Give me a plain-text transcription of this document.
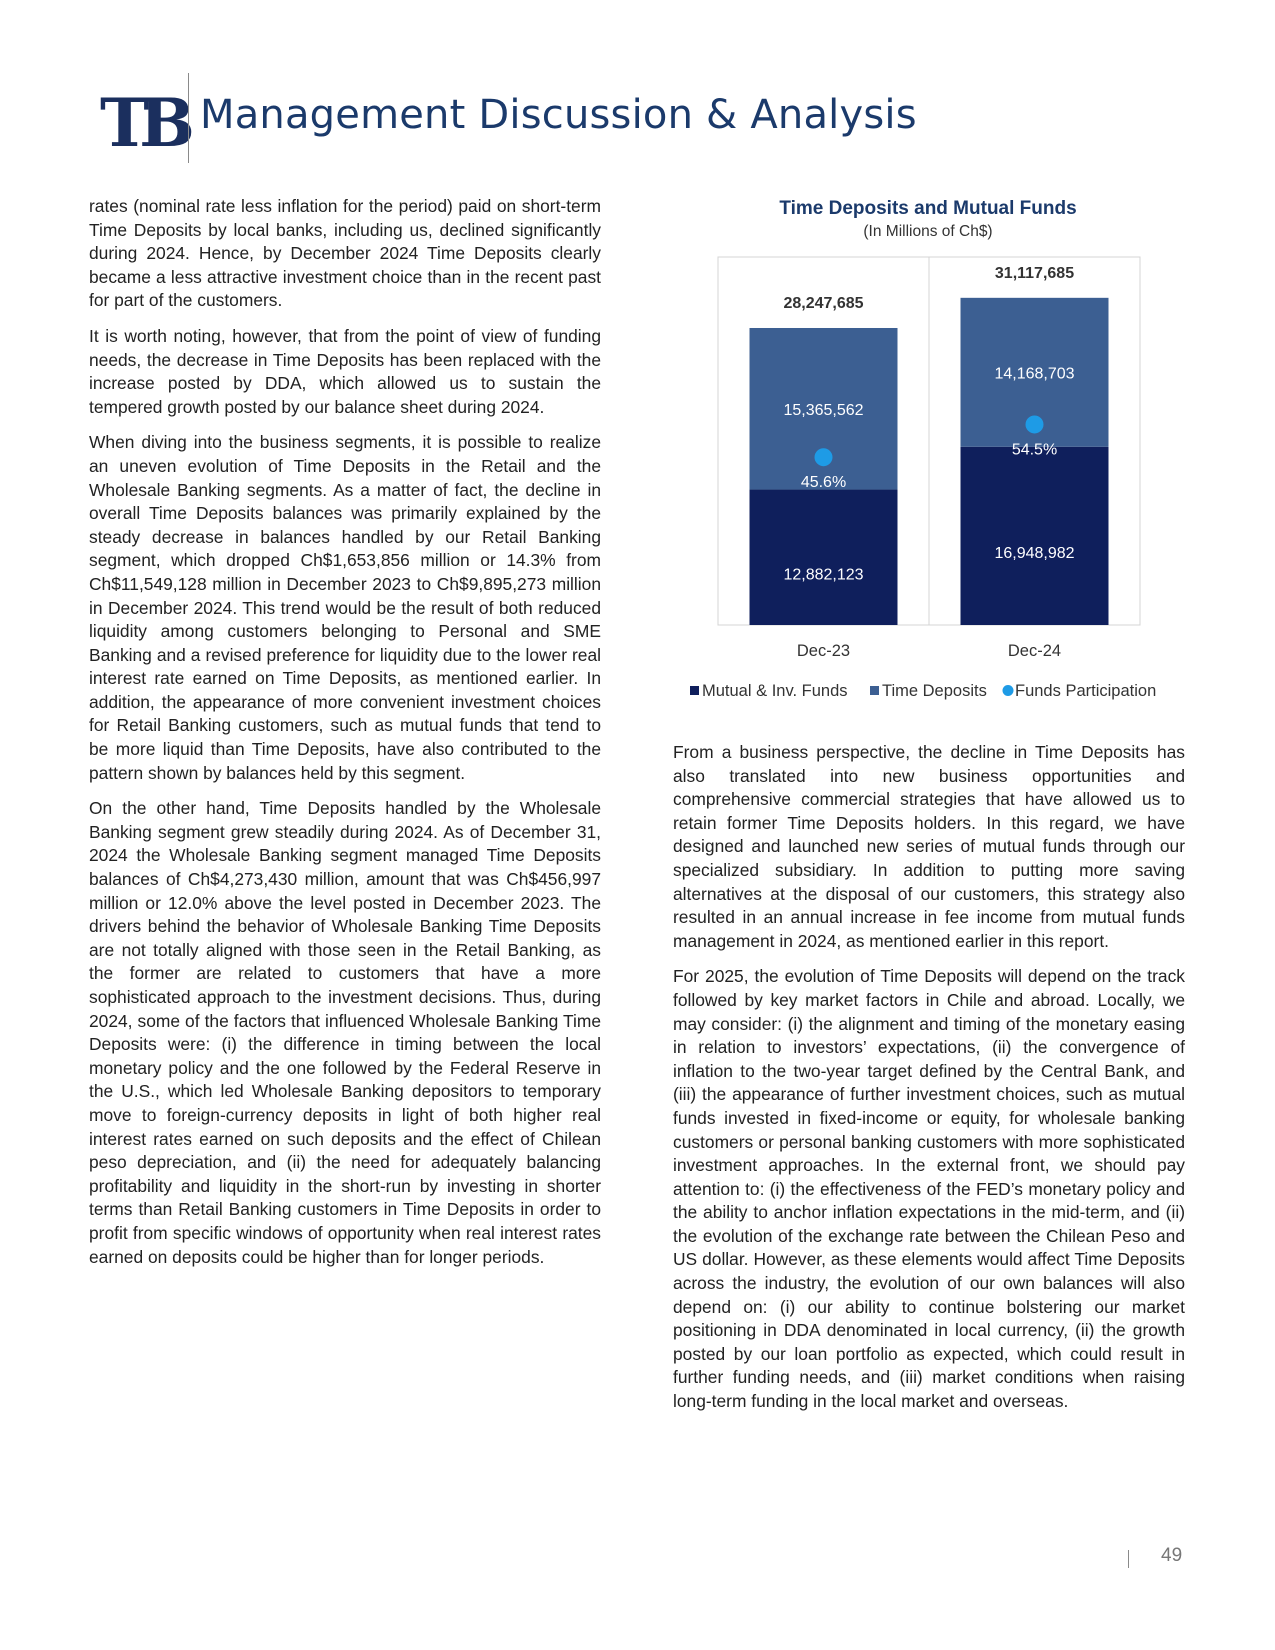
TB Management Discussion & Analysis

rates (nominal rate less inflation for the period) paid on short-term Time Deposits by local banks, including us, declined significantly during 2024. Hence, by December 2024 Time Deposits clearly became a less attractive investment choice than in the recent past for part of the customers.

It is worth noting, however, that from the point of view of funding needs, the decrease in Time Deposits has been replaced with the increase posted by DDA, which allowed us to sustain the tempered growth posted by our balance sheet during 2024.

When diving into the business segments, it is possible to realize an uneven evolution of Time Deposits in the Retail and the Wholesale Banking segments. As a matter of fact, the decline in overall Time Deposits balances was primarily explained by the steady decrease in balances handled by our Retail Banking segment, which dropped Ch$1,653,856 million or 14.3% from Ch$11,549,128 million in December 2023 to Ch$9,895,273 million in December 2024. This trend would be the result of both reduced liquidity among customers belonging to Personal and SME Banking and a revised preference for liquidity due to the lower real interest rate earned on Time Deposits, as mentioned earlier. In addition, the appearance of more convenient investment choices for Retail Banking customers, such as mutual funds that tend to be more liquid than Time Deposits, have also contributed to the pattern shown by balances held by this segment.

On the other hand, Time Deposits handled by the Wholesale Banking segment grew steadily during 2024. As of December 31, 2024 the Wholesale Banking segment managed Time Deposits balances of Ch$4,273,430 million, amount that was Ch$456,997 million or 12.0% above the level posted in December 2023. The drivers behind the behavior of Wholesale Banking Time Deposits are not totally aligned with those seen in the Retail Banking, as the former are related to customers that have a more sophisticated approach to the investment decisions. Thus, during 2024, some of the factors that influenced Wholesale Banking Time Deposits were: (i) the difference in timing between the local monetary policy and the one followed by the Federal Reserve in the U.S., which led Wholesale Banking depositors to temporary move to foreign-currency deposits in light of both higher real interest rates earned on such deposits and the effect of Chilean peso depreciation, and (ii) the need for adequately balancing profitability and liquidity in the short-run by investing in shorter terms than Retail Banking customers in Time Deposits in order to profit from specific windows of opportunity when real interest rates earned on deposits could be higher than for longer periods.

Time Deposits and Mutual Funds
(In Millions of Ch$)
12,882,123
15,365,562
28,247,685
45.6%
Dec-23
16,948,982
14,168,703
31,117,685
54.5%
Dec-24
Mutual & Inv. Funds Time Deposits Funds Participation

From a business perspective, the decline in Time Deposits has also translated into new business opportunities and comprehensive commercial strategies that have allowed us to retain former Time Deposits holders. In this regard, we have designed and launched new series of mutual funds through our specialized subsidiary. In addition to putting more saving alternatives at the disposal of our customers, this strategy also resulted in an annual increase in fee income from mutual funds management in 2024, as mentioned earlier in this report.

For 2025, the evolution of Time Deposits will depend on the track followed by key market factors in Chile and abroad. Locally, we may consider: (i) the alignment and timing of the monetary easing in relation to investors’ expectations, (ii) the convergence of inflation to the two-year target defined by the Central Bank, and (iii) the appearance of further investment choices, such as mutual funds invested in fixed-income or equity, for wholesale banking customers or personal banking customers with more sophisticated investment approaches. In the external front, we should pay attention to: (i) the effectiveness of the FED’s monetary policy and the ability to anchor inflation expectations in the mid-term, and (ii) the evolution of the exchange rate between the Chilean Peso and US dollar. However, as these elements would affect Time Deposits across the industry, the evolution of our own balances will also depend on: (i) our ability to continue bolstering our market positioning in DDA denominated in local currency, (ii) the growth posted by our loan portfolio as expected, which could result in further funding needs, and (iii) market conditions when raising long-term funding in the local market and overseas.

49
